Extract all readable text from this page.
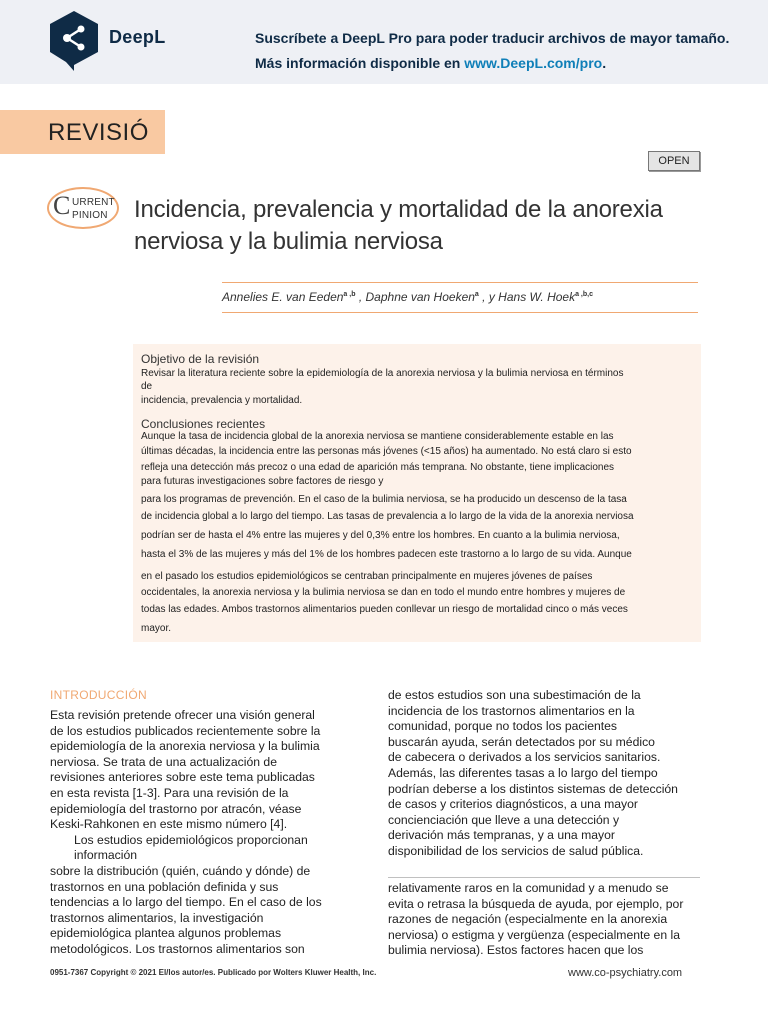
DeepL	Suscríbete a DeepL Pro para poder traducir archivos de mayor tamaño.
Más información disponible en www.DeepL.com/pro.
REVISIÓ
OPEN
C URRENT
PINION Incidencia, prevalencia y mortalidad de la anorexia
nerviosa y la bulimia nerviosa
Annelies E. van Eeden$^{a ,b}$ , Daphne van Hoeken$^a$ , y Hans W. Hoek$^{a ,b,c}$
Objetivo de la revisión
Revisar la literatura reciente sobre la epidemiología de la anorexia nerviosa y la bulimia nerviosa en términos
de
incidencia, prevalencia y mortalidad.
Conclusiones recientes
Aunque la tasa de incidencia global de la anorexia nerviosa se mantiene considerablemente estable en las
últimas décadas, la incidencia entre las personas más jóvenes (<15 años) ha aumentado. No está claro si esto
refleja una detección más precoz o una edad de aparición más temprana. No obstante, tiene implicaciones
para futuras investigaciones sobre factores de riesgo y
para los programas de prevención. En el caso de la bulimia nerviosa, se ha producido un descenso de la tasa
de incidencia global a lo largo del tiempo. Las tasas de prevalencia a lo largo de la vida de la anorexia nerviosa
podrían ser de hasta el 4% entre las mujeres y del 0,3% entre los hombres. En cuanto a la bulimia nerviosa,
hasta el 3% de las mujeres y más del 1% de los hombres padecen este trastorno a lo largo de su vida. Aunque
en el pasado los estudios epidemiológicos se centraban principalmente en mujeres jóvenes de países
occidentales, la anorexia nerviosa y la bulimia nerviosa se dan en todo el mundo entre hombres y mujeres de
todas las edades. Ambos trastornos alimentarios pueden conllevar un riesgo de mortalidad cinco o más veces
mayor.
INTRODUCCIÓN
Esta revisión pretende ofrecer una visión general
de los estudios publicados recientemente sobre la
epidemiología de la anorexia nerviosa y la bulimia
nerviosa. Se trata de una actualización de
revisiones anteriores sobre este tema publicadas
en esta revista [1-3]. Para una revisión de la
epidemiología del trastorno por atracón, véase
Keski-Rahkonen en este mismo número [4].
Los estudios epidemiológicos proporcionan
información
sobre la distribución (quién, cuándo y dónde) de
trastornos en una población definida y sus
tendencias a lo largo del tiempo. En el caso de los
trastornos alimentarios, la investigación
epidemiológica plantea algunos problemas
metodológicos. Los trastornos alimentarios son
de estos estudios son una subestimación de la
incidencia de los trastornos alimentarios en la
comunidad, porque no todos los pacientes
buscarán ayuda, serán detectados por su médico
de cabecera o derivados a los servicios sanitarios.
Además, las diferentes tasas a lo largo del tiempo
podrían deberse a los distintos sistemas de detección
de casos y criterios diagnósticos, a una mayor
concienciación que lleve a una detección y
derivación más tempranas, y a una mayor
disponibilidad de los servicios de salud pública.
relativamente raros en la comunidad y a menudo se
evita o retrasa la búsqueda de ayuda, por ejemplo, por
razones de negación (especialmente en la anorexia
nerviosa) o estigma y vergüenza (especialmente en la
bulimia nerviosa). Estos factores hacen que los
0951-7367 Copyright © 2021 El/los autor/es. Publicado por Wolters Kluwer Health, Inc.	www.co-psychiatry.com
